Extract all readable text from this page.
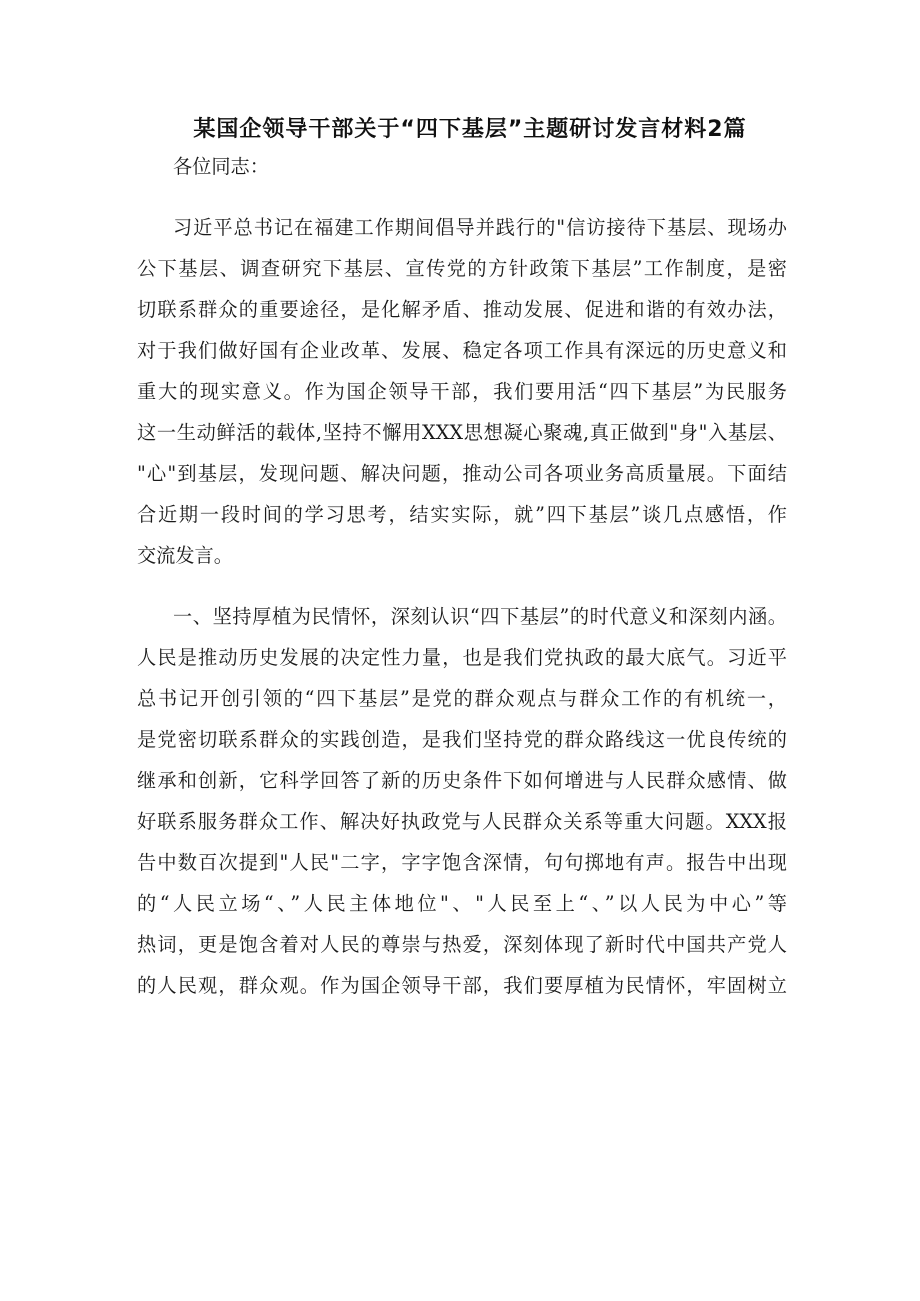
某国企领导干部关于“四下基层”主题研讨发言材料2篇
各位同志：
习近平总书记在福建工作期间倡导并践行的"信访接待下基层、现场办
公下基层、调查研究下基层、宣传党的方针政策下基层”工作制度，是密
切联系群众的重要途径，是化解矛盾、推动发展、促进和谐的有效办法，
对于我们做好国有企业改革、发展、稳定各项工作具有深远的历史意义和
重大的现实意义。作为国企领导干部，我们要用活“四下基层”为民服务
这一生动鲜活的载体,坚持不懈用XXX思想凝心聚魂,真正做到"身"入基层、
"心"到基层，发现问题、解决问题，推动公司各项业务高质量展。下面结
合近期一段时间的学习思考，结实实际，就”四下基层”谈几点感悟，作
交流发言。
一、坚持厚植为民情怀，深刻认识“四下基层”的时代意义和深刻内涵。
人民是推动历史发展的决定性力量，也是我们党执政的最大底气。习近平
总书记开创引领的“四下基层”是党的群众观点与群众工作的有机统一，
是党密切联系群众的实践创造，是我们坚持党的群众路线这一优良传统的
继承和创新，它科学回答了新的历史条件下如何增进与人民群众感情、做
好联系服务群众工作、解决好执政党与人民群众关系等重大问题。XXX报
告中数百次提到"人民"二字，字字饱含深情，句句掷地有声。报告中出现
的“人民立场“、”人民主体地位"、"人民至上“、”以人民为中心”等
热词，更是饱含着对人民的尊崇与热爱，深刻体现了新时代中国共产党人
的人民观，群众观。作为国企领导干部，我们要厚植为民情怀，牢固树立
